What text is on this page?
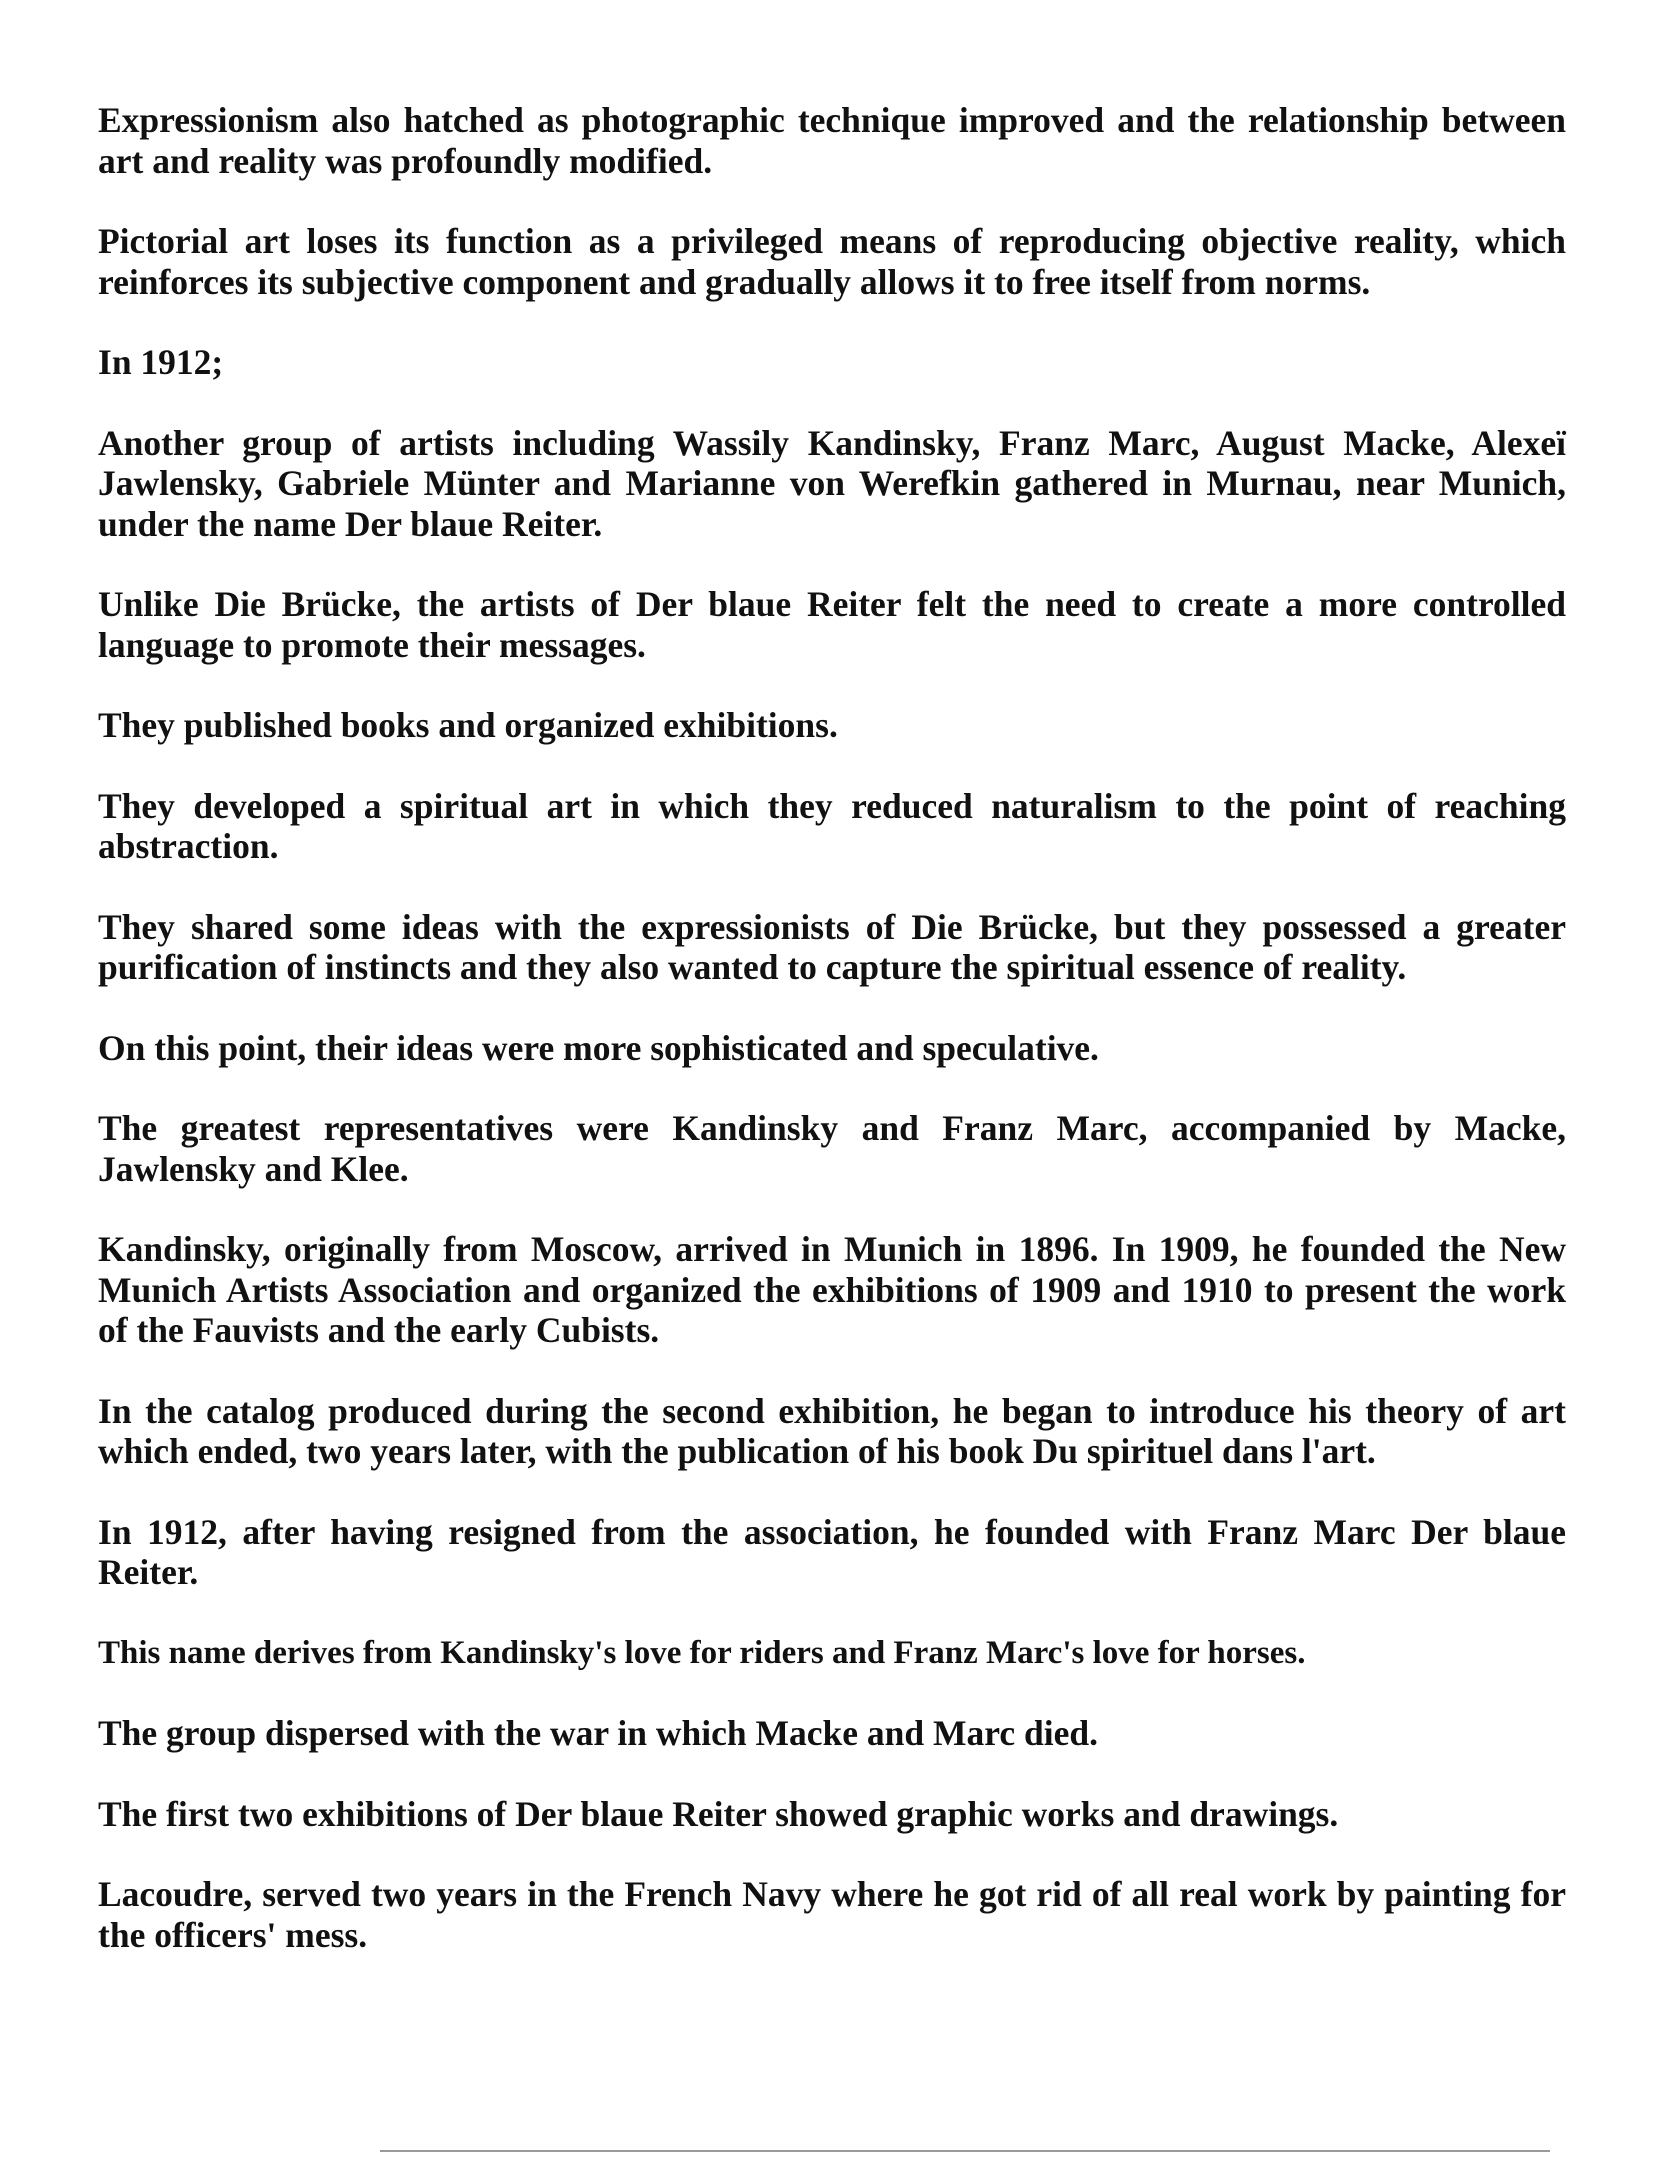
Expressionism also hatched as photographic technique improved and the relationship between art and reality was profoundly modified.

Pictorial art loses its function as a privileged means of reproducing objective reality, which reinforces its subjective component and gradually allows it to free itself from norms.

In 1912;

Another group of artists including Wassily Kandinsky, Franz Marc, August Macke, Alexeï Jawlensky, Gabriele Münter and Marianne von Werefkin gathered in Murnau, near Munich, under the name Der blaue Reiter.

Unlike Die Brücke, the artists of Der blaue Reiter felt the need to create a more controlled language to promote their messages.

They published books and organized exhibitions.

They developed a spiritual art in which they reduced naturalism to the point of reaching abstraction.

They shared some ideas with the expressionists of Die Brücke, but they possessed a greater purification of instincts and they also wanted to capture the spiritual essence of reality.

On this point, their ideas were more sophisticated and speculative.

The greatest representatives were Kandinsky and Franz Marc, accompanied by Macke, Jawlensky and Klee.

Kandinsky, originally from Moscow, arrived in Munich in 1896. In 1909, he founded the New Munich Artists Association and organized the exhibitions of 1909 and 1910 to present the work of the Fauvists and the early Cubists.

In the catalog produced during the second exhibition, he began to introduce his theory of art which ended, two years later, with the publication of his book Du spirituel dans l'art.

In 1912, after having resigned from the association, he founded with Franz Marc Der blaue Reiter.

This name derives from Kandinsky's love for riders and Franz Marc's love for horses.

The group dispersed with the war in which Macke and Marc died.

The first two exhibitions of Der blaue Reiter showed graphic works and drawings.

Lacoudre, served two years in the French Navy where he got rid of all real work by painting for the officers' mess.
